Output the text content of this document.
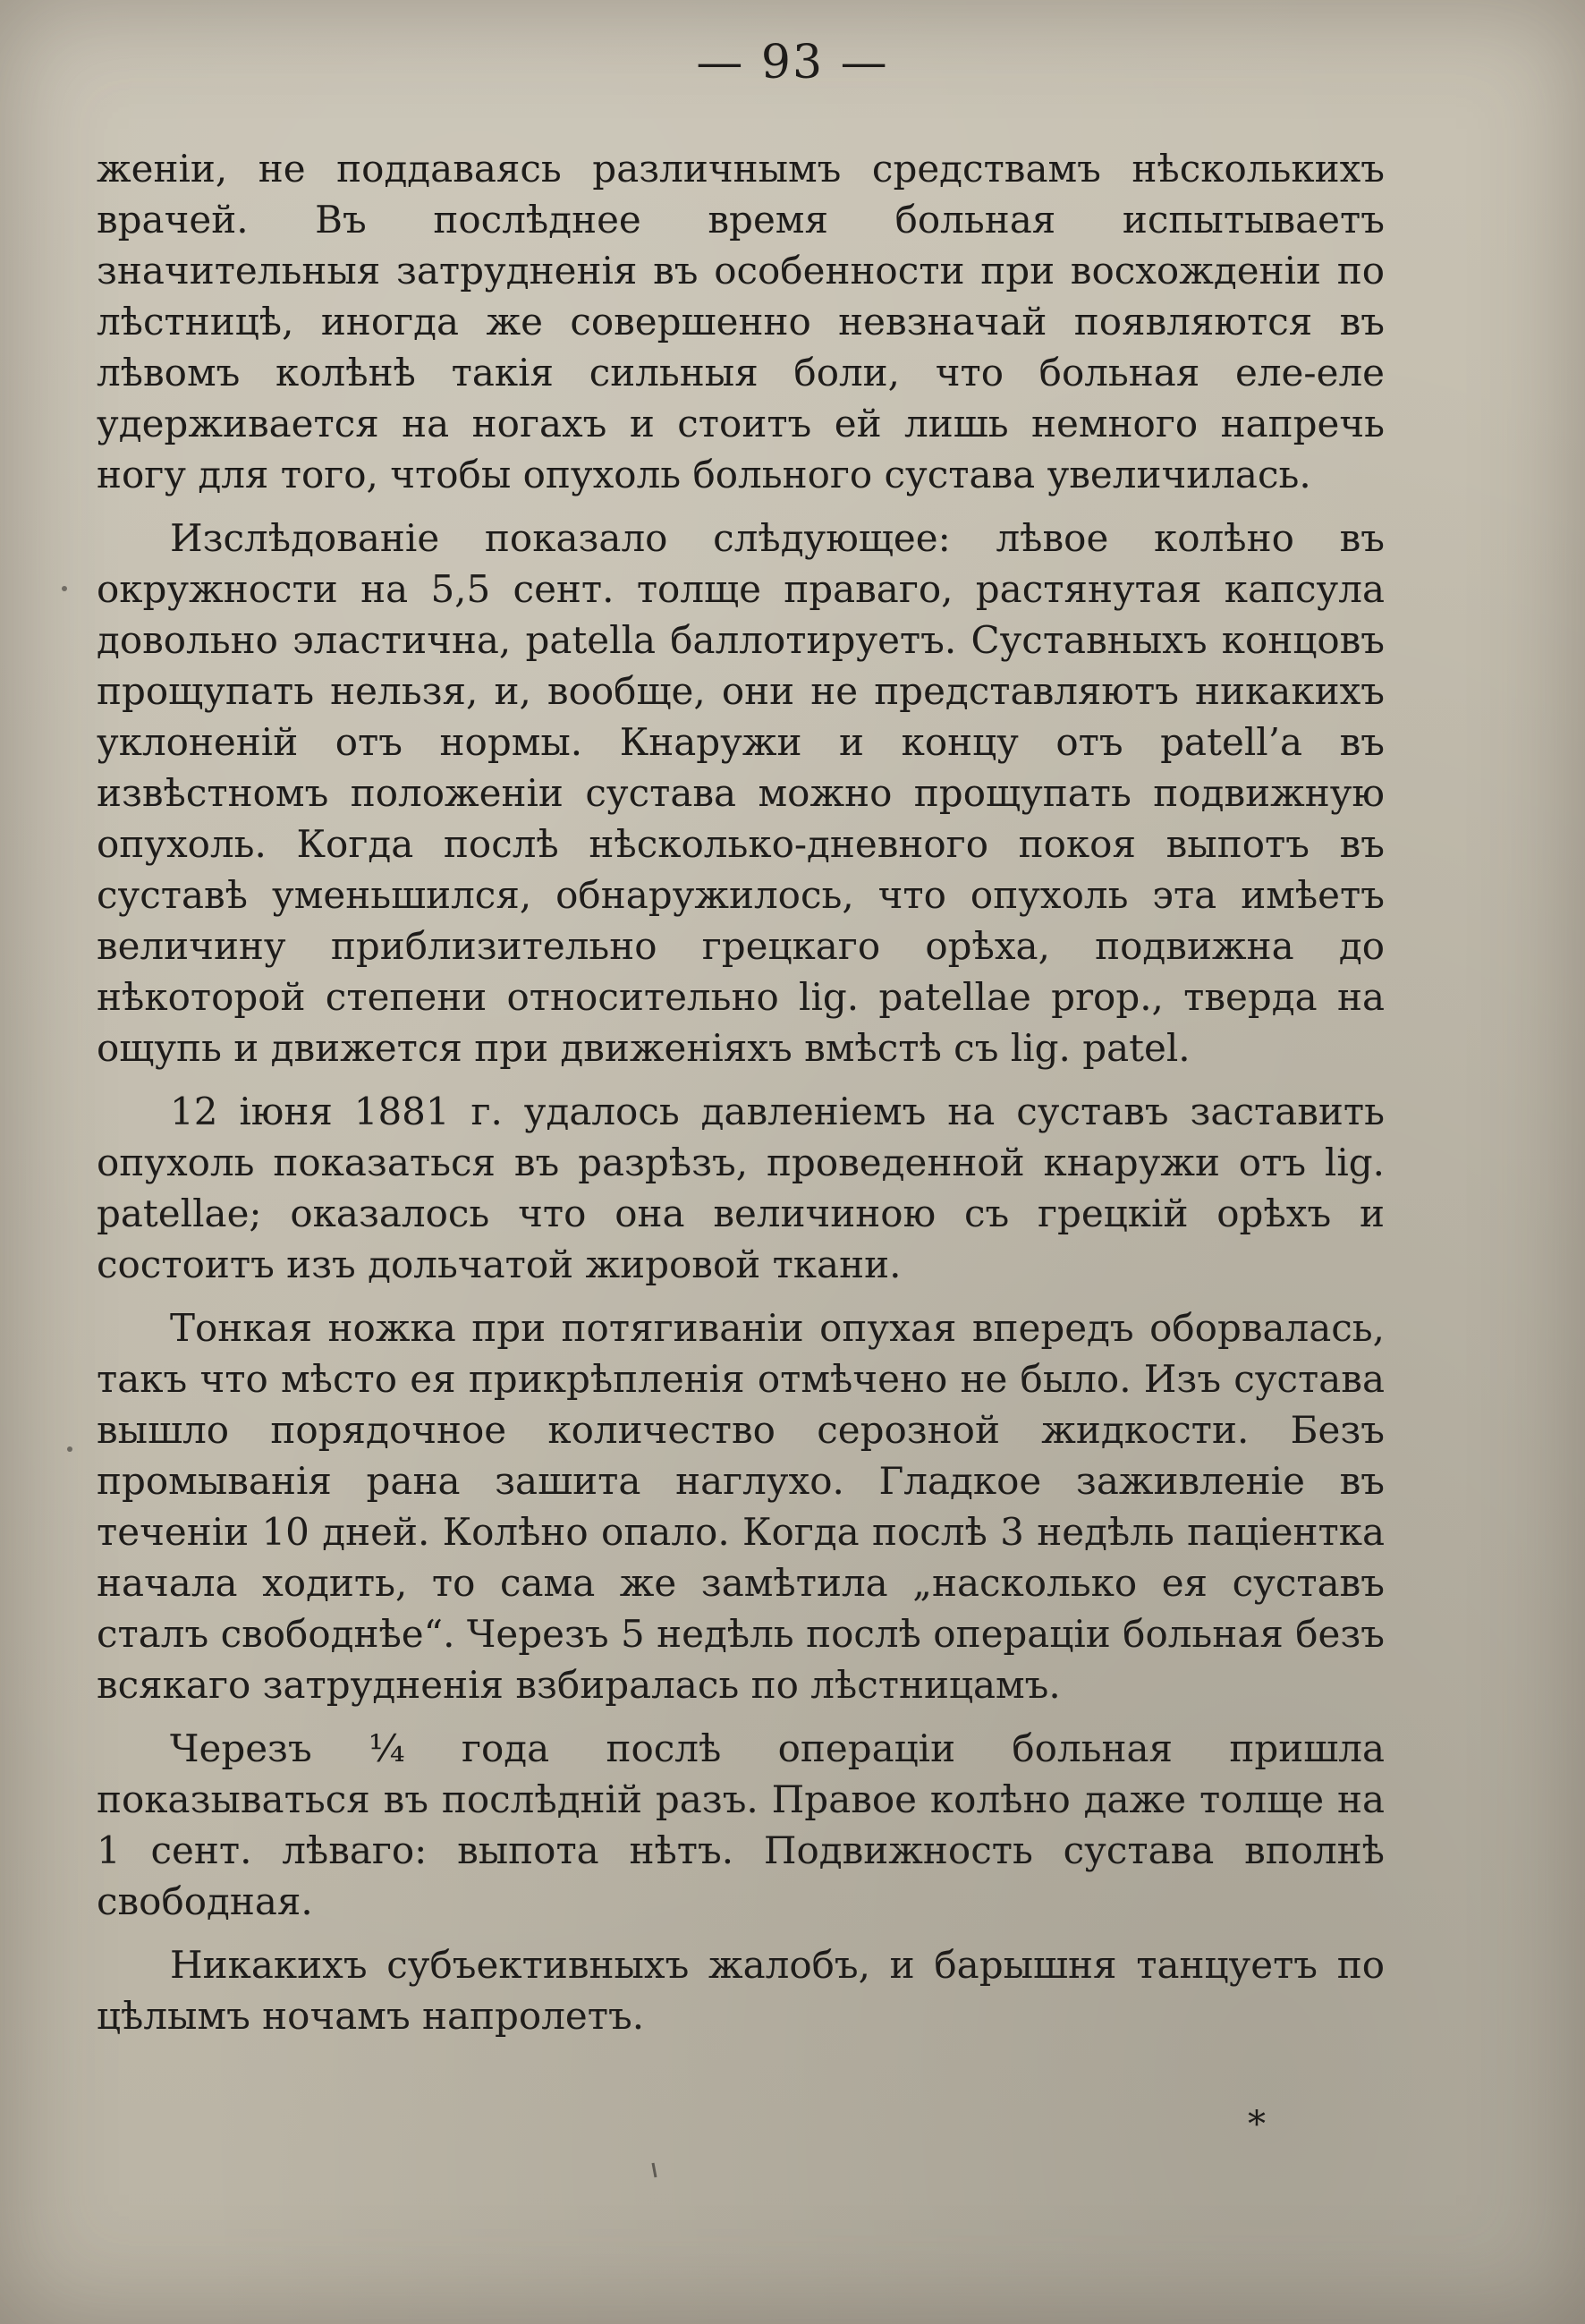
— 93 —

женіи, не поддаваясь различнымъ средствамъ нѣсколькихъ врачей. Въ послѣднее время больная испытываетъ значительныя затрудненія въ особенности при восхожденіи по лѣстницѣ, иногда же совершенно невзначай появляются въ лѣвомъ колѣнѣ такія сильныя боли, что больная еле-еле удерживается на ногахъ и стоитъ ей лишь немного напречь ногу для того, чтобы опухоль больного сустава увеличилась.

Изслѣдованіе показало слѣдующее: лѣвое колѣно въ окружности на 5,5 сент. толще праваго, растянутая капсула довольно эластична, patella баллотируетъ. Суставныхъ концовъ прощупать нельзя, и, вообще, они не представляютъ никакихъ уклоненій отъ нормы. Кнаружи и концу отъ patell’а въ извѣстномъ положеніи сустава можно прощупать подвижную опухоль. Когда послѣ нѣсколько-дневного покоя выпотъ въ суставѣ уменьшился, обнаружилось, что опухоль эта имѣетъ величину приблизительно грецкаго орѣха, подвижна до нѣкоторой степени относительно lig. patellae prop., тверда на ощупь и движется при движеніяхъ вмѣстѣ съ lig. patel.

12 іюня 1881 г. удалось давленіемъ на суставъ заставить опухоль показаться въ разрѣзъ, проведенной кнаружи отъ lig. patellae; оказалось что она величиною съ грецкій орѣхъ и состоитъ изъ дольчатой жировой ткани.

Тонкая ножка при потягиваніи опухая впередъ оборвалась, такъ что мѣсто ея прикрѣпленія отмѣчено не было. Изъ сустава вышло порядочное количество серозной жидкости. Безъ промыванія рана зашита наглухо. Гладкое заживленіе въ теченіи 10 дней. Колѣно опало. Когда послѣ 3 недѣль паціентка начала ходить, то сама же замѣтила „насколько ея суставъ сталъ свободнѣе“. Черезъ 5 недѣль послѣ операціи больная безъ всякаго затрудненія взбиралась по лѣстницамъ.

Черезъ ¼ года послѣ операціи больная пришла показываться въ послѣдній разъ. Правое колѣно даже толще на 1 сент. лѣваго: выпота нѣтъ. Подвижность сустава вполнѣ свободная.

Никакихъ субъективныхъ жалобъ, и барышня танцуетъ по цѣлымъ ночамъ напролетъ.

*
